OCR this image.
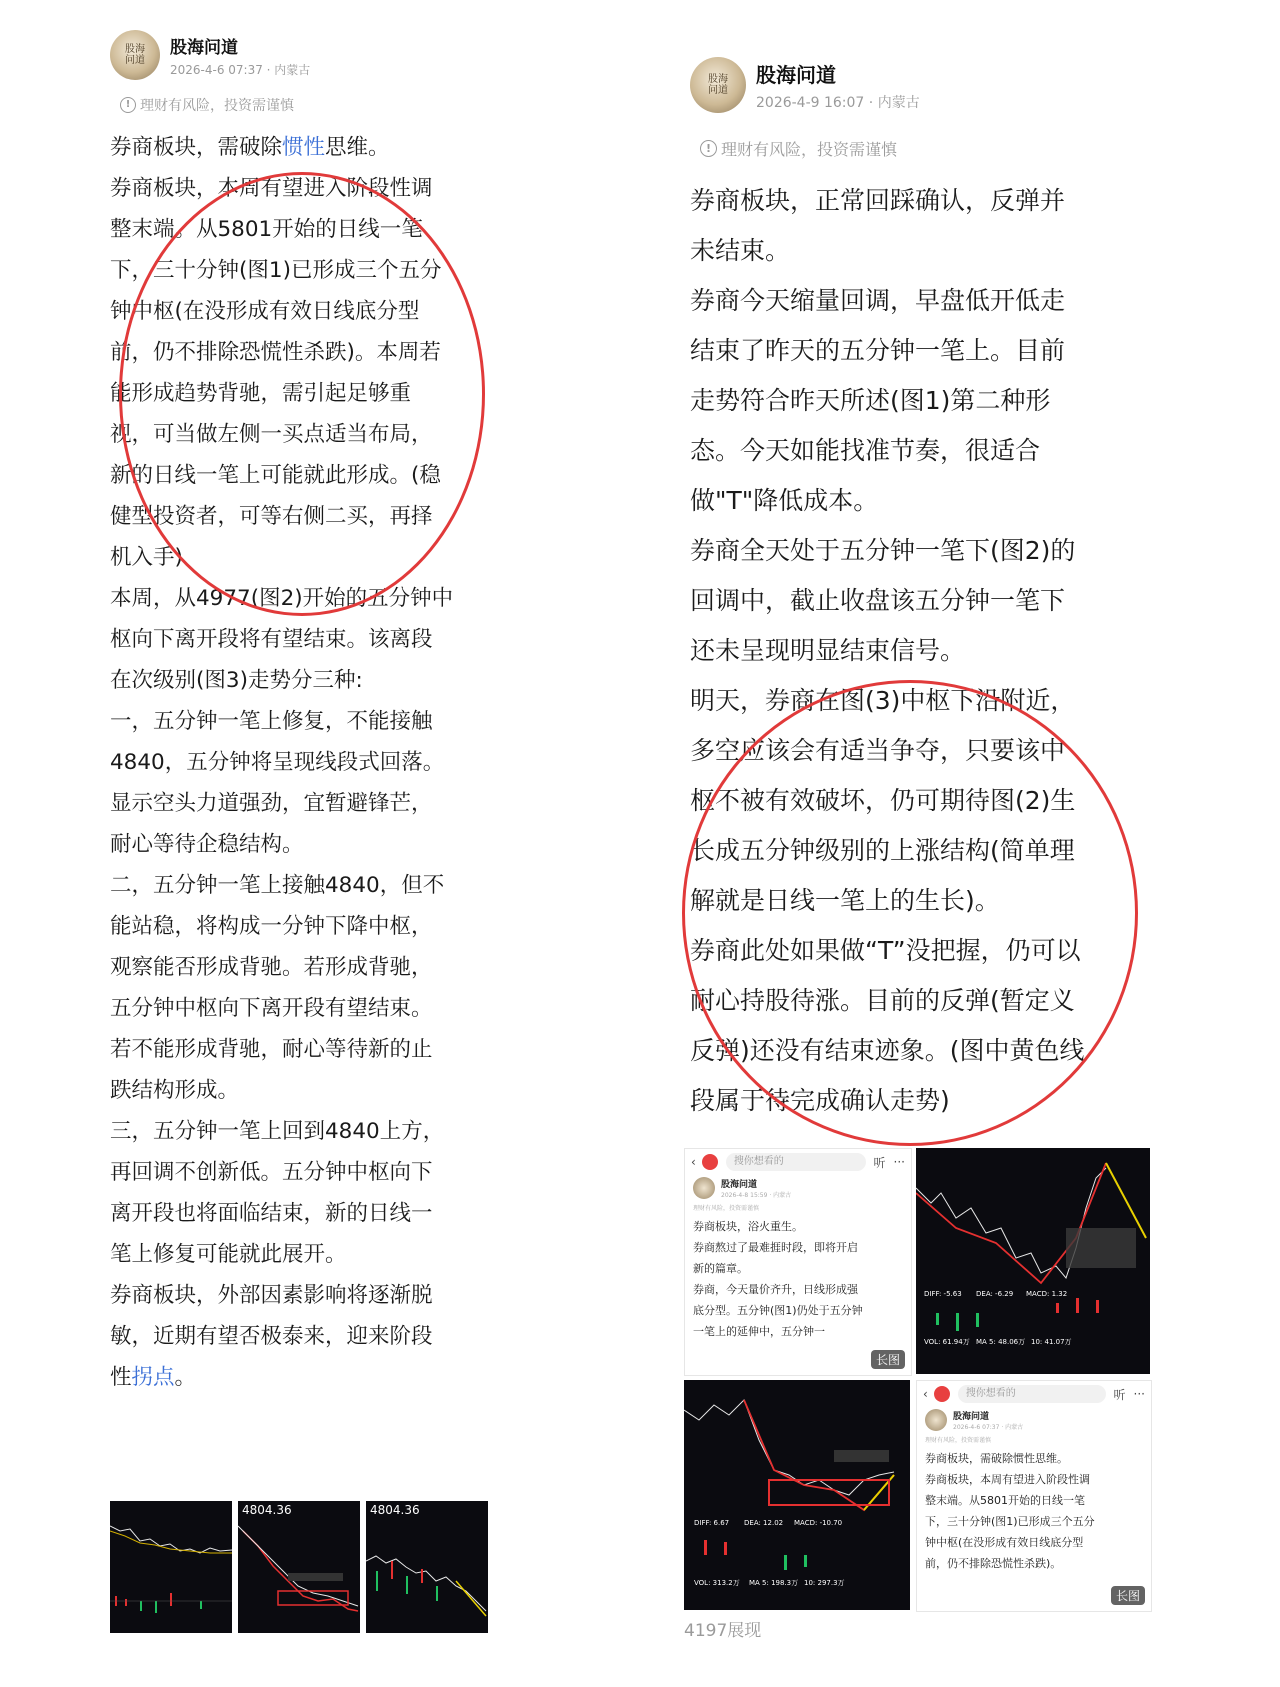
股海
问道
股海问道
2026-4-6 07:37 · 内蒙古
! 理财有风险，投资需谨慎

券商板块，需破除惯性思维。

券商板块，本周有望进入阶段性调
整末端。从5801开始的日线一笔
下，三十分钟(图1)已形成三个五分
钟中枢(在没形成有效日线底分型
前，仍不排除恐慌性杀跌)。本周若
能形成趋势背驰，需引起足够重
视，可当做左侧一买点适当布局，
新的日线一笔上可能就此形成。(稳
健型投资者，可等右侧二买，再择
机入手)
本周，从4977(图2)开始的五分钟中
枢向下离开段将有望结束。该离段
在次级别(图3)走势分三种:
一，五分钟一笔上修复，不能接触
4840，五分钟将呈现线段式回落。
显示空头力道强劲，宜暂避锋芒，
耐心等待企稳结构。
二，五分钟一笔上接触4840，但不
能站稳，将构成一分钟下降中枢，
观察能否形成背驰。若形成背驰，
五分钟中枢向下离开段有望结束。
若不能形成背驰，耐心等待新的止
跌结构形成。
三，五分钟一笔上回到4840上方，
再回调不创新低。五分钟中枢向下
离开段也将面临结束，新的日线一
笔上修复可能就此展开。
券商板块，外部因素影响将逐渐脱
敏，近期有望否极泰来，迎来阶段

性拐点。

4804.36	4804.36
股海
问道
股海问道
2026-4-9 16:07 · 内蒙古
! 理财有风险，投资需谨慎
券商板块，正常回踩确认，反弹并
未结束。
券商今天缩量回调，早盘低开低走
结束了昨天的五分钟一笔上。目前
走势符合昨天所述(图1)第二种形
态。今天如能找准节奏，很适合
做"T"降低成本。
券商全天处于五分钟一笔下(图2)的
回调中，截止收盘该五分钟一笔下
还未呈现明显结束信号。
明天，券商在图(3)中枢下沿附近，
多空应该会有适当争夺，只要该中
枢不被有效破坏，仍可期待图(2)生
长成五分钟级别的上涨结构(简单理
解就是日线一笔上的生长)。
券商此处如果做“T”没把握，仍可以
耐心持股待涨。目前的反弹(暂定义
反弹)还没有结束迹象。(图中黄色线
段属于待完成确认走势)
‹	搜你想看的	听 ···
股海问道
2026-4-8 15:59 · 内蒙古
理财有风险，投资需谨慎
券商板块，浴火重生。
券商熬过了最难捱时段，即将开启
新的篇章。
券商，今天量价齐升，日线形成强
底分型。五分钟(图1)仍处于五分钟
一笔上的延伸中，五分钟一
长图
DIFF: -5.63 DEA: -6.29 MACD: 1.32
VOL: 61.94万 MA 5: 48.06万 10: 41.07万
DIFF: 6.67 DEA: 12.02 MACD: -10.70
VOL: 313.2万 MA 5: 198.3万 10: 297.3万
‹	搜你想看的	听 ···
股海问道
2026-4-6 07:37 · 内蒙古
理财有风险，投资需谨慎
券商板块，需破除惯性思维。
券商板块，本周有望进入阶段性调
整末端。从5801开始的日线一笔
下，三十分钟(图1)已形成三个五分
钟中枢(在没形成有效日线底分型
前，仍不排除恐慌性杀跌)。
长图
4197展现
